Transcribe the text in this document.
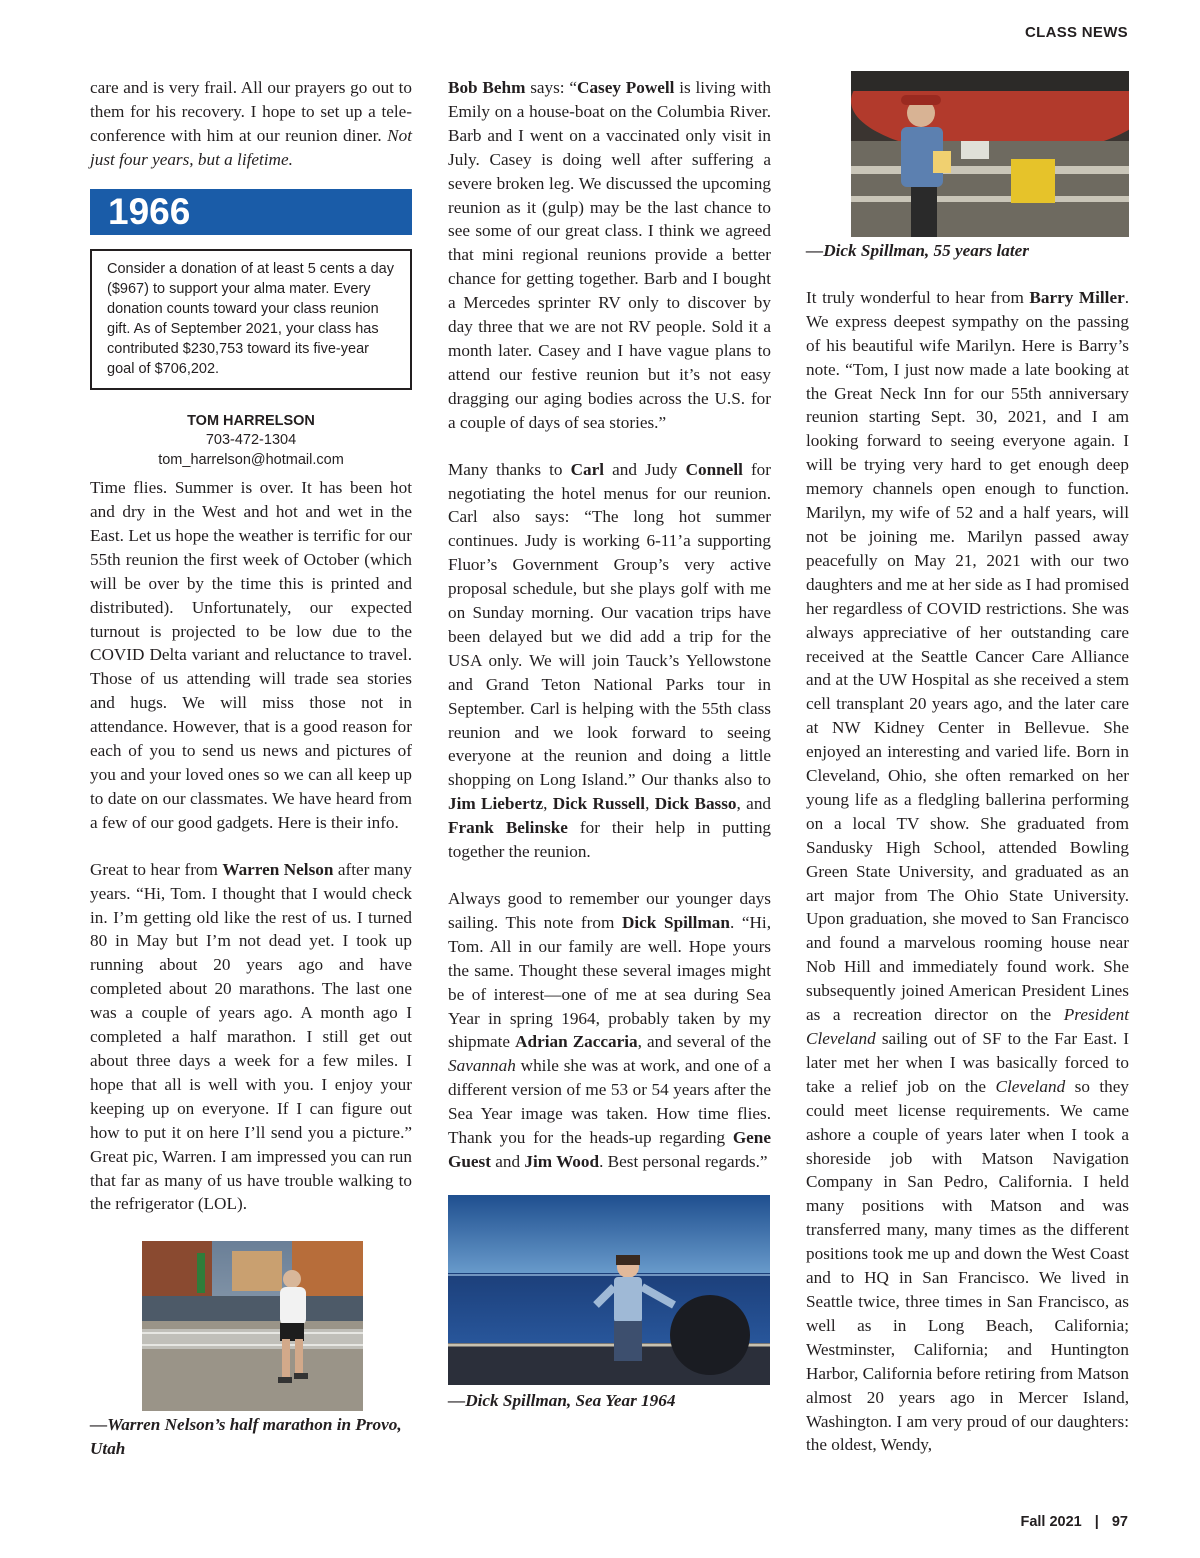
CLASS NEWS

care and is very frail. All our prayers go out to them for his recovery. I hope to set up a tele-conference with him at our reunion diner. Not just four years, but a lifetime.

1966
Consider a donation of at least 5 cents a day ($967) to support your alma mater. Every donation counts toward your class reunion gift. As of September 2021, your class has contributed $230,753 toward its five-year goal of $706,202.
TOM HARRELSON
703-472-1304
tom_harrelson@hotmail.com

Time flies. Summer is over. It has been hot and dry in the West and hot and wet in the East. Let us hope the weather is terrific for our 55th reunion the first week of October (which will be over by the time this is printed and distributed). Unfortunately, our expected turnout is projected to be low due to the COVID Delta variant and reluctance to travel. Those of us attending will trade sea stories and hugs. We will miss those not in attendance. However, that is a good reason for each of you to send us news and pictures of you and your loved ones so we can all keep up to date on our classmates. We have heard from a few of our good gadgets. Here is their info.

Great to hear from Warren Nelson after many years. “Hi, Tom. I thought that I would check in. I’m getting old like the rest of us. I turned 80 in May but I’m not dead yet. I took up running about 20 years ago and have completed about 20 marathons. The last one was a couple of years ago. A month ago I completed a half marathon. I still get out about three days a week for a few miles. I hope that all is well with you. I enjoy your keeping up on everyone. If I can figure out how to put it on here I’ll send you a picture.” Great pic, Warren. I am impressed you can run that far as many of us have trouble walking to the refrigerator (LOL).

—Warren Nelson’s half marathon in Provo, Utah

Bob Behm says: “Casey Powell is living with Emily on a house-boat on the Columbia River. Barb and I went on a vaccinated only visit in July. Casey is doing well after suffering a severe broken leg. We discussed the upcoming reunion as it (gulp) may be the last chance to see some of our great class. I think we agreed that mini regional reunions provide a better chance for getting together. Barb and I bought a Mercedes sprinter RV only to discover by day three that we are not RV people. Sold it a month later. Casey and I have vague plans to attend our festive reunion but it’s not easy dragging our aging bodies across the U.S. for a couple of days of sea stories.”

Many thanks to Carl and Judy Connell for negotiating the hotel menus for our reunion. Carl also says: “The long hot summer continues. Judy is working 6-11’a supporting Fluor’s Government Group’s very active proposal schedule, but she plays golf with me on Sunday morning. Our vacation trips have been delayed but we did add a trip for the USA only. We will join Tauck’s Yellowstone and Grand Teton National Parks tour in September. Carl is helping with the 55th class reunion and we look forward to seeing everyone at the reunion and doing a little shopping on Long Island.” Our thanks also to Jim Liebertz, Dick Russell, Dick Basso, and Frank Belinske for their help in putting together the reunion.

Always good to remember our younger days sailing. This note from Dick Spillman. “Hi, Tom. All in our family are well. Hope yours the same. Thought these several images might be of interest—one of me at sea during Sea Year in spring 1964, probably taken by my shipmate Adrian Zaccaria, and several of the Savannah while she was at work, and one of a different version of me 53 or 54 years after the Sea Year image was taken. How time flies. Thank you for the heads-up regarding Gene Guest and Jim Wood. Best personal regards.”

—Dick Spillman, Sea Year 1964
—Dick Spillman, 55 years later

It truly wonderful to hear from Barry Miller. We express deepest sympathy on the passing of his beautiful wife Marilyn. Here is Barry’s note. “Tom, I just now made a late booking at the Great Neck Inn for our 55th anniversary reunion starting Sept. 30, 2021, and I am looking forward to seeing everyone again. I will be trying very hard to get enough deep memory channels open enough to function. Marilyn, my wife of 52 and a half years, will not be joining me. Marilyn passed away peacefully on May 21, 2021 with our two daughters and me at her side as I had promised her regardless of COVID restrictions. She was always appreciative of her outstanding care received at the Seattle Cancer Care Alliance and at the UW Hospital as she received a stem cell transplant 20 years ago, and the later care at NW Kidney Center in Bellevue. She enjoyed an interesting and varied life. Born in Cleveland, Ohio, she often remarked on her young life as a fledgling ballerina performing on a local TV show. She graduated from Sandusky High School, attended Bowling Green State University, and graduated as an art major from The Ohio State University. Upon graduation, she moved to San Francisco and found a marvelous rooming house near Nob Hill and immediately found work. She subsequently joined American President Lines as a recreation director on the President Cleveland sailing out of SF to the Far East. I later met her when I was basically forced to take a relief job on the Cleveland so they could meet license requirements. We came ashore a couple of years later when I took a shoreside job with Matson Navigation Company in San Pedro, California. I held many positions with Matson and was transferred many, many times as the different positions took me up and down the West Coast and to HQ in San Francisco. We lived in Seattle twice, three times in San Francisco, as well as in Long Beach, California; Westminster, California; and Huntington Harbor, California before retiring from Matson almost 20 years ago in Mercer Island, Washington. I am very proud of our daughters: the oldest, Wendy,

Fall 2021 | 97
